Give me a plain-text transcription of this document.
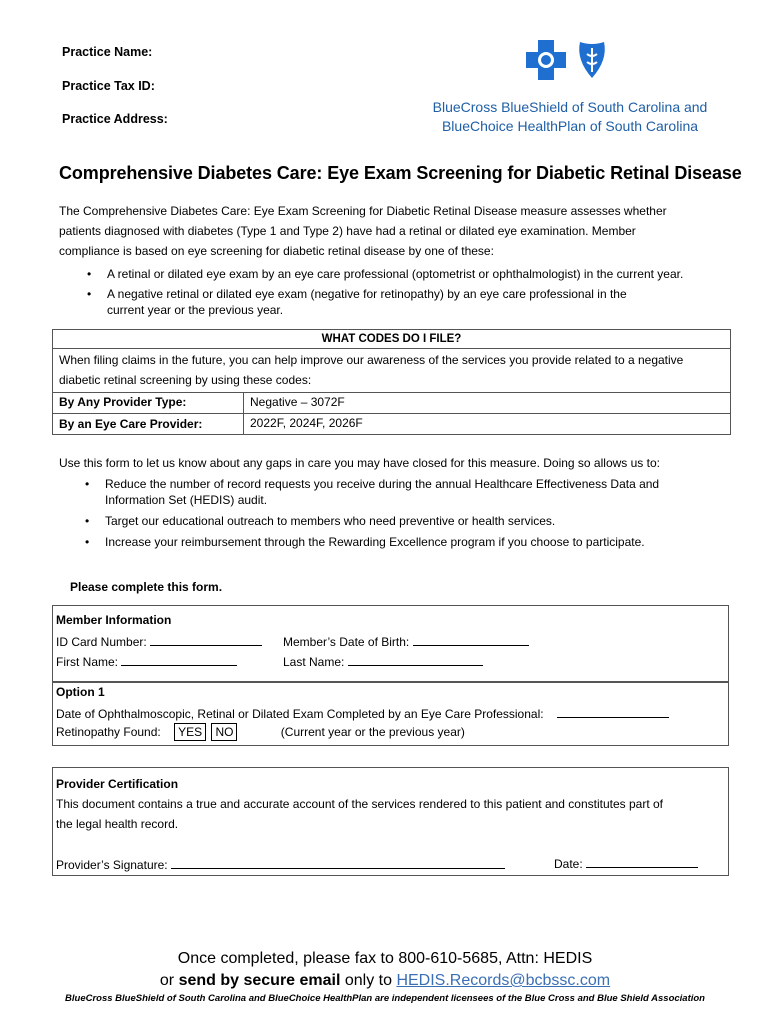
Practice Name:
Practice Tax ID:
Practice Address:
BlueCross BlueShield of South Carolina and
BlueChoice HealthPlan of South Carolina
Comprehensive Diabetes Care: Eye Exam Screening for Diabetic Retinal Disease
The Comprehensive Diabetes Care: Eye Exam Screening for Diabetic Retinal Disease measure assesses whether
patients diagnosed with diabetes (Type 1 and Type 2) have had a retinal or dilated eye examination. Member
compliance is based on eye screening for diabetic retinal disease by one of these:
• A retinal or dilated eye exam by an eye care professional (optometrist or ophthalmologist) in the current year.
• A negative retinal or dilated eye exam (negative for retinopathy) by an eye care professional in the
current year or the previous year.
WHAT CODES DO I FILE?
When filing claims in the future, you can help improve our awareness of the services you provide related to a negative
diabetic retinal screening by using these codes:
By Any Provider Type:	Negative – 3072F
By an Eye Care Provider:	2022F, 2024F, 2026F
Use this form to let us know about any gaps in care you may have closed for this measure. Doing so allows us to:
• Reduce the number of record requests you receive during the annual Healthcare Effectiveness Data and
Information Set (HEDIS) audit.
• Target our educational outreach to members who need preventive or health services.
• Increase your reimbursement through the Rewarding Excellence program if you choose to participate.
Please complete this form.
Member Information
ID Card Number:	Member’s Date of Birth:
First Name:	Last Name:
Option 1
Date of Ophthalmoscopic, Retinal or Dilated Exam Completed by an Eye Care Professional:
Retinopathy Found: YES NO	(Current year or the previous year)
Provider Certification
This document contains a true and accurate account of the services rendered to this patient and constitutes part of
the legal health record.
Provider’s Signature:	Date:
Once completed, please fax to 800-610-5685, Attn: HEDIS
or send by secure email only to HEDIS.Records@bcbssc.com
BlueCross BlueShield of South Carolina and BlueChoice HealthPlan are independent licensees of the Blue Cross and Blue Shield Association
